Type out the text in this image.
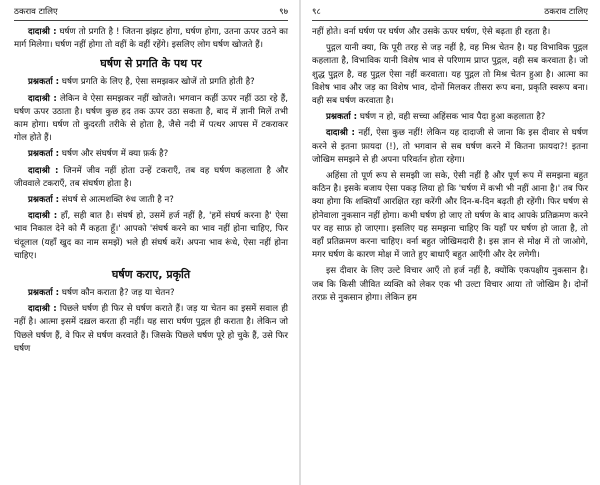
ठकराव टालिए	९७

दादाश्री : घर्षण तो प्रगति है ! जितना झंझट होगा, घर्षण होगा, उतना ऊपर उठने का मार्ग मिलेगा। घर्षण नहीं होगा तो वहीं के वहीं रहेंगे। इसलिए लोग घर्षण खोजते हैं।

घर्षण से प्रगति के पथ पर

प्रश्नकर्ता : घर्षण प्रगति के लिए है, ऐसा समझकर खोजें तो प्रगति होती है?

दादाश्री : लेकिन वे ऐसा समझकर नहीं खोजते। भगवान कहीं ऊपर नहीं उठा रहे हैं, घर्षण ऊपर उठाता है। घर्षण कुछ हद तक ऊपर उठा सकता है, बाद में ज्ञानी मिलें तभी काम होगा। घर्षण तो कुदरती तरीके से होता है, जैसे नदी में पत्थर आपस में टकराकर गोल होते हैं।

प्रश्नकर्ता : घर्षण और संघर्षण में क्या फ़र्क है?

दादाश्री : जिनमें जीव नहीं होता उन्हें टकराएँ, तब वह घर्षण कहलाता है और जीववाले टकराएँ, तब संघर्षण होता है।

प्रश्नकर्ता : संघर्ष से आत्मशक्ति रुंध जाती है न?

दादाश्री : हाँ, सही बात है। संघर्ष हो, उसमें हर्ज नहीं है, 'हमें संघर्ष करना है' ऐसा भाव निकाल देने को मैं कहता हूँ।' आपको 'संघर्ष करने का भाव नहीं होना चाहिए, फिर चंदूलाल (यहाँ खुद का नाम समझें) भले ही संघर्ष करें। अपना भाव रूंधे, ऐसा नहीं होना चाहिए।

घर्षण कराए, प्रकृति

प्रश्नकर्ता : घर्षण कौन कराता है? जड़ या चेतन?

दादाश्री : पिछले घर्षण ही फिर से घर्षण कराते हैं। जड़ या चेतन का इसमें सवाल ही नहीं है। आत्मा इसमें दख़ल करता ही नहीं। यह सारा घर्षण पुद्गल ही कराता है। लेकिन जो पिछले घर्षण हैं, वे फिर से घर्षण करवाते हैं। जिसके पिछले घर्षण पूरे हो चुके हैं, उसे फिर घर्षण

९८	ठकराव टालिए

नहीं होते। वर्ना घर्षण पर घर्षण और उसके ऊपर घर्षण, ऐसे बढ़ता ही रहता है।

पुद्गल यानी क्या, कि पूरी तरह से जड़ नहीं है, वह मिश्र चेतन है। यह विभाविक पुद्गल कहलाता है, विभाविक यानी विशेष भाव से परिणाम प्राप्त पुद्गल, वही सब करवाता है। जो शुद्ध पुद्गल है, वह पुद्गल ऐसा नहीं करवाता। यह पुद्गल तो मिश्र चेतन हुआ है। आत्मा का विशेष भाव और जड़ का विशेष भाव, दोनों मिलकर तीसरा रूप बना, प्रकृति स्वरूप बना। वही सब घर्षण करवाता है।

प्रश्नकर्ता : घर्षण न हो, वही सच्चा अहिंसक भाव पैदा हुआ कहलाता है?

दादाश्री : नहीं, ऐसा कुछ नहीं! लेकिन यह दादाजी से जाना कि इस दीवार से घर्षण करने से इतना फ़ायदा (!), तो भगवान से सब घर्षण करने में कितना फ़ायदा?! इतना जोखिम समझने से ही अपना परिवर्तन होता रहेगा।

अहिंसा तो पूर्ण रूप से समझी जा सके, ऐसी नहीं है और पूर्ण रूप में समझना बहुत कठिन है। इसके बजाय ऐसा पकड़ लिया हो कि 'घर्षण में कभी भी नहीं आना है।' तब फिर क्या होगा कि शक्तियाँ आरक्षित रहा करेंगी और दिन-ब-दिन बढ़ती ही रहेंगी। फिर घर्षण से होनेवाला नुकसान नहीं होगा। कभी घर्षण हो जाए तो घर्षण के बाद आपके प्रतिक्रमण करने पर वह साफ़ हो जाएगा। इसलिए यह समझना चाहिए कि यहाँ पर घर्षण हो जाता है, तो वहाँ प्रतिक्रमण करना चाहिए। वर्ना बहुत जोखिमदारी है। इस ज्ञान से मोक्ष में तो जाओगे, मगर घर्षण के कारण मोक्ष में जाते हुए बाधाएँ बहुत आएँगी और देर लगेगी।

इस दीवार के लिए उल्टे विचार आएँ तो हर्ज नहीं है, क्योंकि एकपक्षीय नुकसान है। जब कि किसी जीवित व्यक्ति को लेकर एक भी उल्टा विचार आया तो जोखिम है। दोनों तरफ़ से नुकसान होगा। लेकिन हम
